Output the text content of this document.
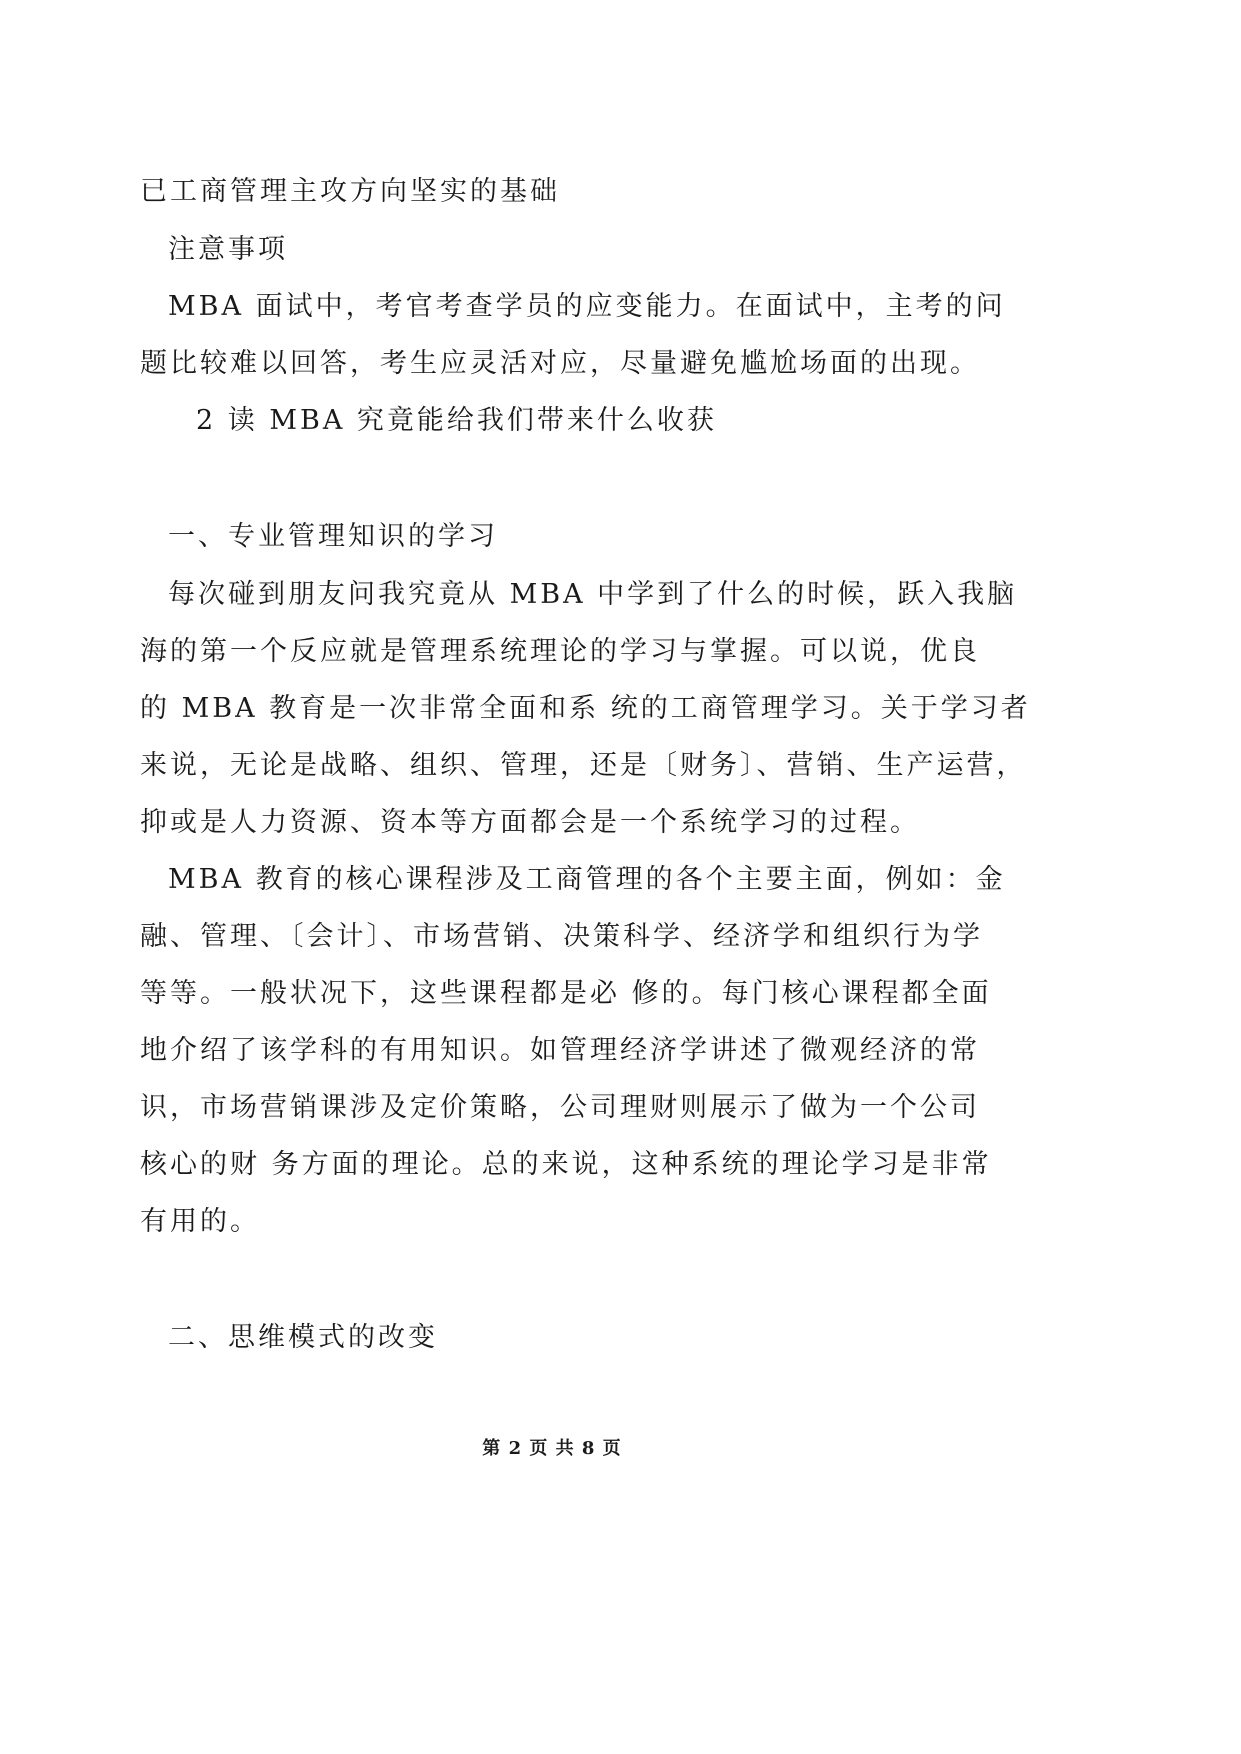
已工商管理主攻方向坚实的基础
注意事项
MBA 面试中，考官考查学员的应变能力。在面试中，主考的问
题比较难以回答，考生应灵活对应，尽量避免尴尬场面的出现。
2 读 MBA 究竟能给我们带来什么收获
一、专业管理知识的学习
每次碰到朋友问我究竟从 MBA 中学到了什么的时候，跃入我脑
海的第一个反应就是管理系统理论的学习与掌握。可以说，优良
的 MBA 教育是一次非常全面和系 统的工商管理学习。关于学习者
来说，无论是战略、组织、管理，还是〔财务〕、营销、生产运营，
抑或是人力资源、资本等方面都会是一个系统学习的过程。
MBA 教育的核心课程涉及工商管理的各个主要主面，例如：金
融、管理、〔会计〕、市场营销、决策科学、经济学和组织行为学
等等。一般状况下，这些课程都是必 修的。每门核心课程都全面
地介绍了该学科的有用知识。如管理经济学讲述了微观经济的常
识，市场营销课涉及定价策略，公司理财则展示了做为一个公司
核心的财 务方面的理论。总的来说，这种系统的理论学习是非常
有用的。
二、思维模式的改变
第 2 页 共 8 页
